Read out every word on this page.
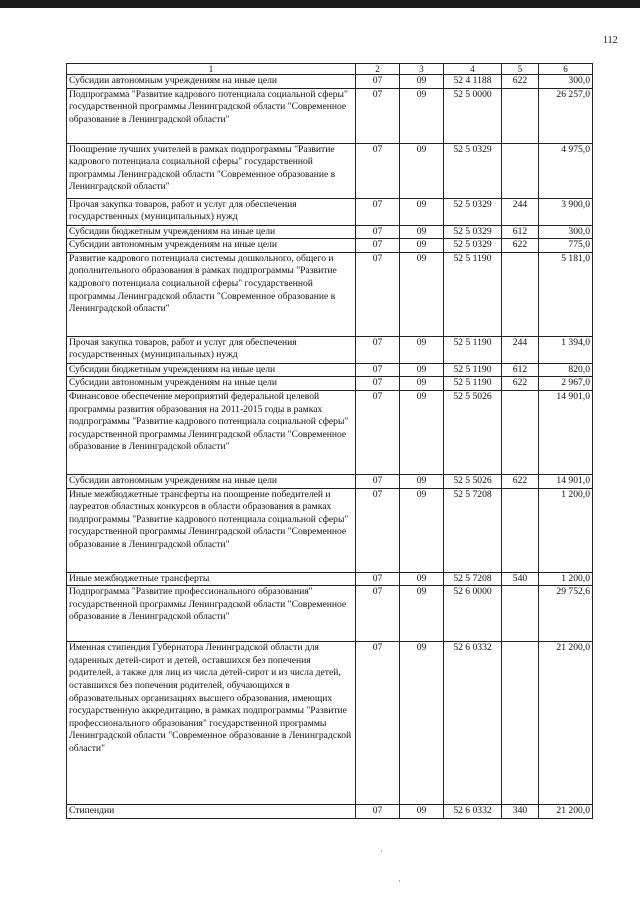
112
1	2	3	4	5	6
Субсидии автономным учреждениям на иные цели	07	09	52 4 1188	622	300,0
Подпрограмма "Развитие кадрового потенциала социальной сферы" государственной программы Ленинградской области "Современное образование в Ленинградской области"	07	09	52 5 0000		26 257,0
Поощрение лучших учителей в рамках подпрограммы "Развитие кадрового потенциала социальной сферы" государственной программы Ленинградской области "Современное образование в Ленинградской области"	07	09	52 5 0329		4 975,0
Прочая закупка товаров, работ и услуг для обеспечения государственных (муниципальных) нужд	07	09	52 5 0329	244	3 900,0
Субсидии бюджетным учреждениям на иные цели	07	09	52 5 0329	612	300,0
Субсидии автономным учреждениям на иные цели	07	09	52 5 0329	622	775,0
Развитие кадрового потенциала системы дошкольного, общего и дополнительного образования в рамках подпрограммы "Развитие кадрового потенциала социальной сферы" государственной программы Ленинградской области "Современное образование в Ленинградской области"	07	09	52 5 1190		5 181,0
Прочая закупка товаров, работ и услуг для обеспечения государственных (муниципальных) нужд	07	09	52 5 1190	244	1 394,0
Субсидии бюджетным учреждениям на иные цели	07	09	52 5 1190	612	820,0
Субсидии автономным учреждениям на иные цели	07	09	52 5 1190	622	2 967,0
Финансовое обеспечение мероприятий федеральной целевой программы развития образования на 2011-2015 годы в рамках подпрограммы "Развитие кадрового потенциала социальной сферы" государственной программы Ленинградской области "Современное образование в Ленинградской области"	07	09	52 5 5026		14 901,0
Субсидии автономным учреждениям на иные цели	07	09	52 5 5026	622	14 901,0
Иные межбюджетные трансферты на поощрение победителей и лауреатов областных конкурсов в области образования в рамках подпрограммы "Развитие кадрового потенциала социальной сферы" государственной программы Ленинградской области "Современное образование в Ленинградской области"	07	09	52 5 7208		1 200,0
Иные межбюджетные трансферты	07	09	52 5 7208	540	1 200,0
Подпрограмма "Развитие профессионального образования" государственной программы Ленинградской области "Современное образование в Ленинградской области"	07	09	52 6 0000		29 752,6
Именная стипендия Губернатора Ленинградской области для одаренных детей-сирот и детей, оставшихся без попечения родителей, а также для лиц из числа детей-сирот и из числа детей, оставшихся без попечения родителей, обучающихся в образовательных организациях высшего образования, имеющих государственную аккредитацию, в рамках подпрограммы "Развитие профессионального образования" государственной программы Ленинградской области "Современное образование в Ленинградской области"	07	09	52 6 0332		21 200,0
Стипендии	07	09	52 6 0332	340	21 200,0
·
·
